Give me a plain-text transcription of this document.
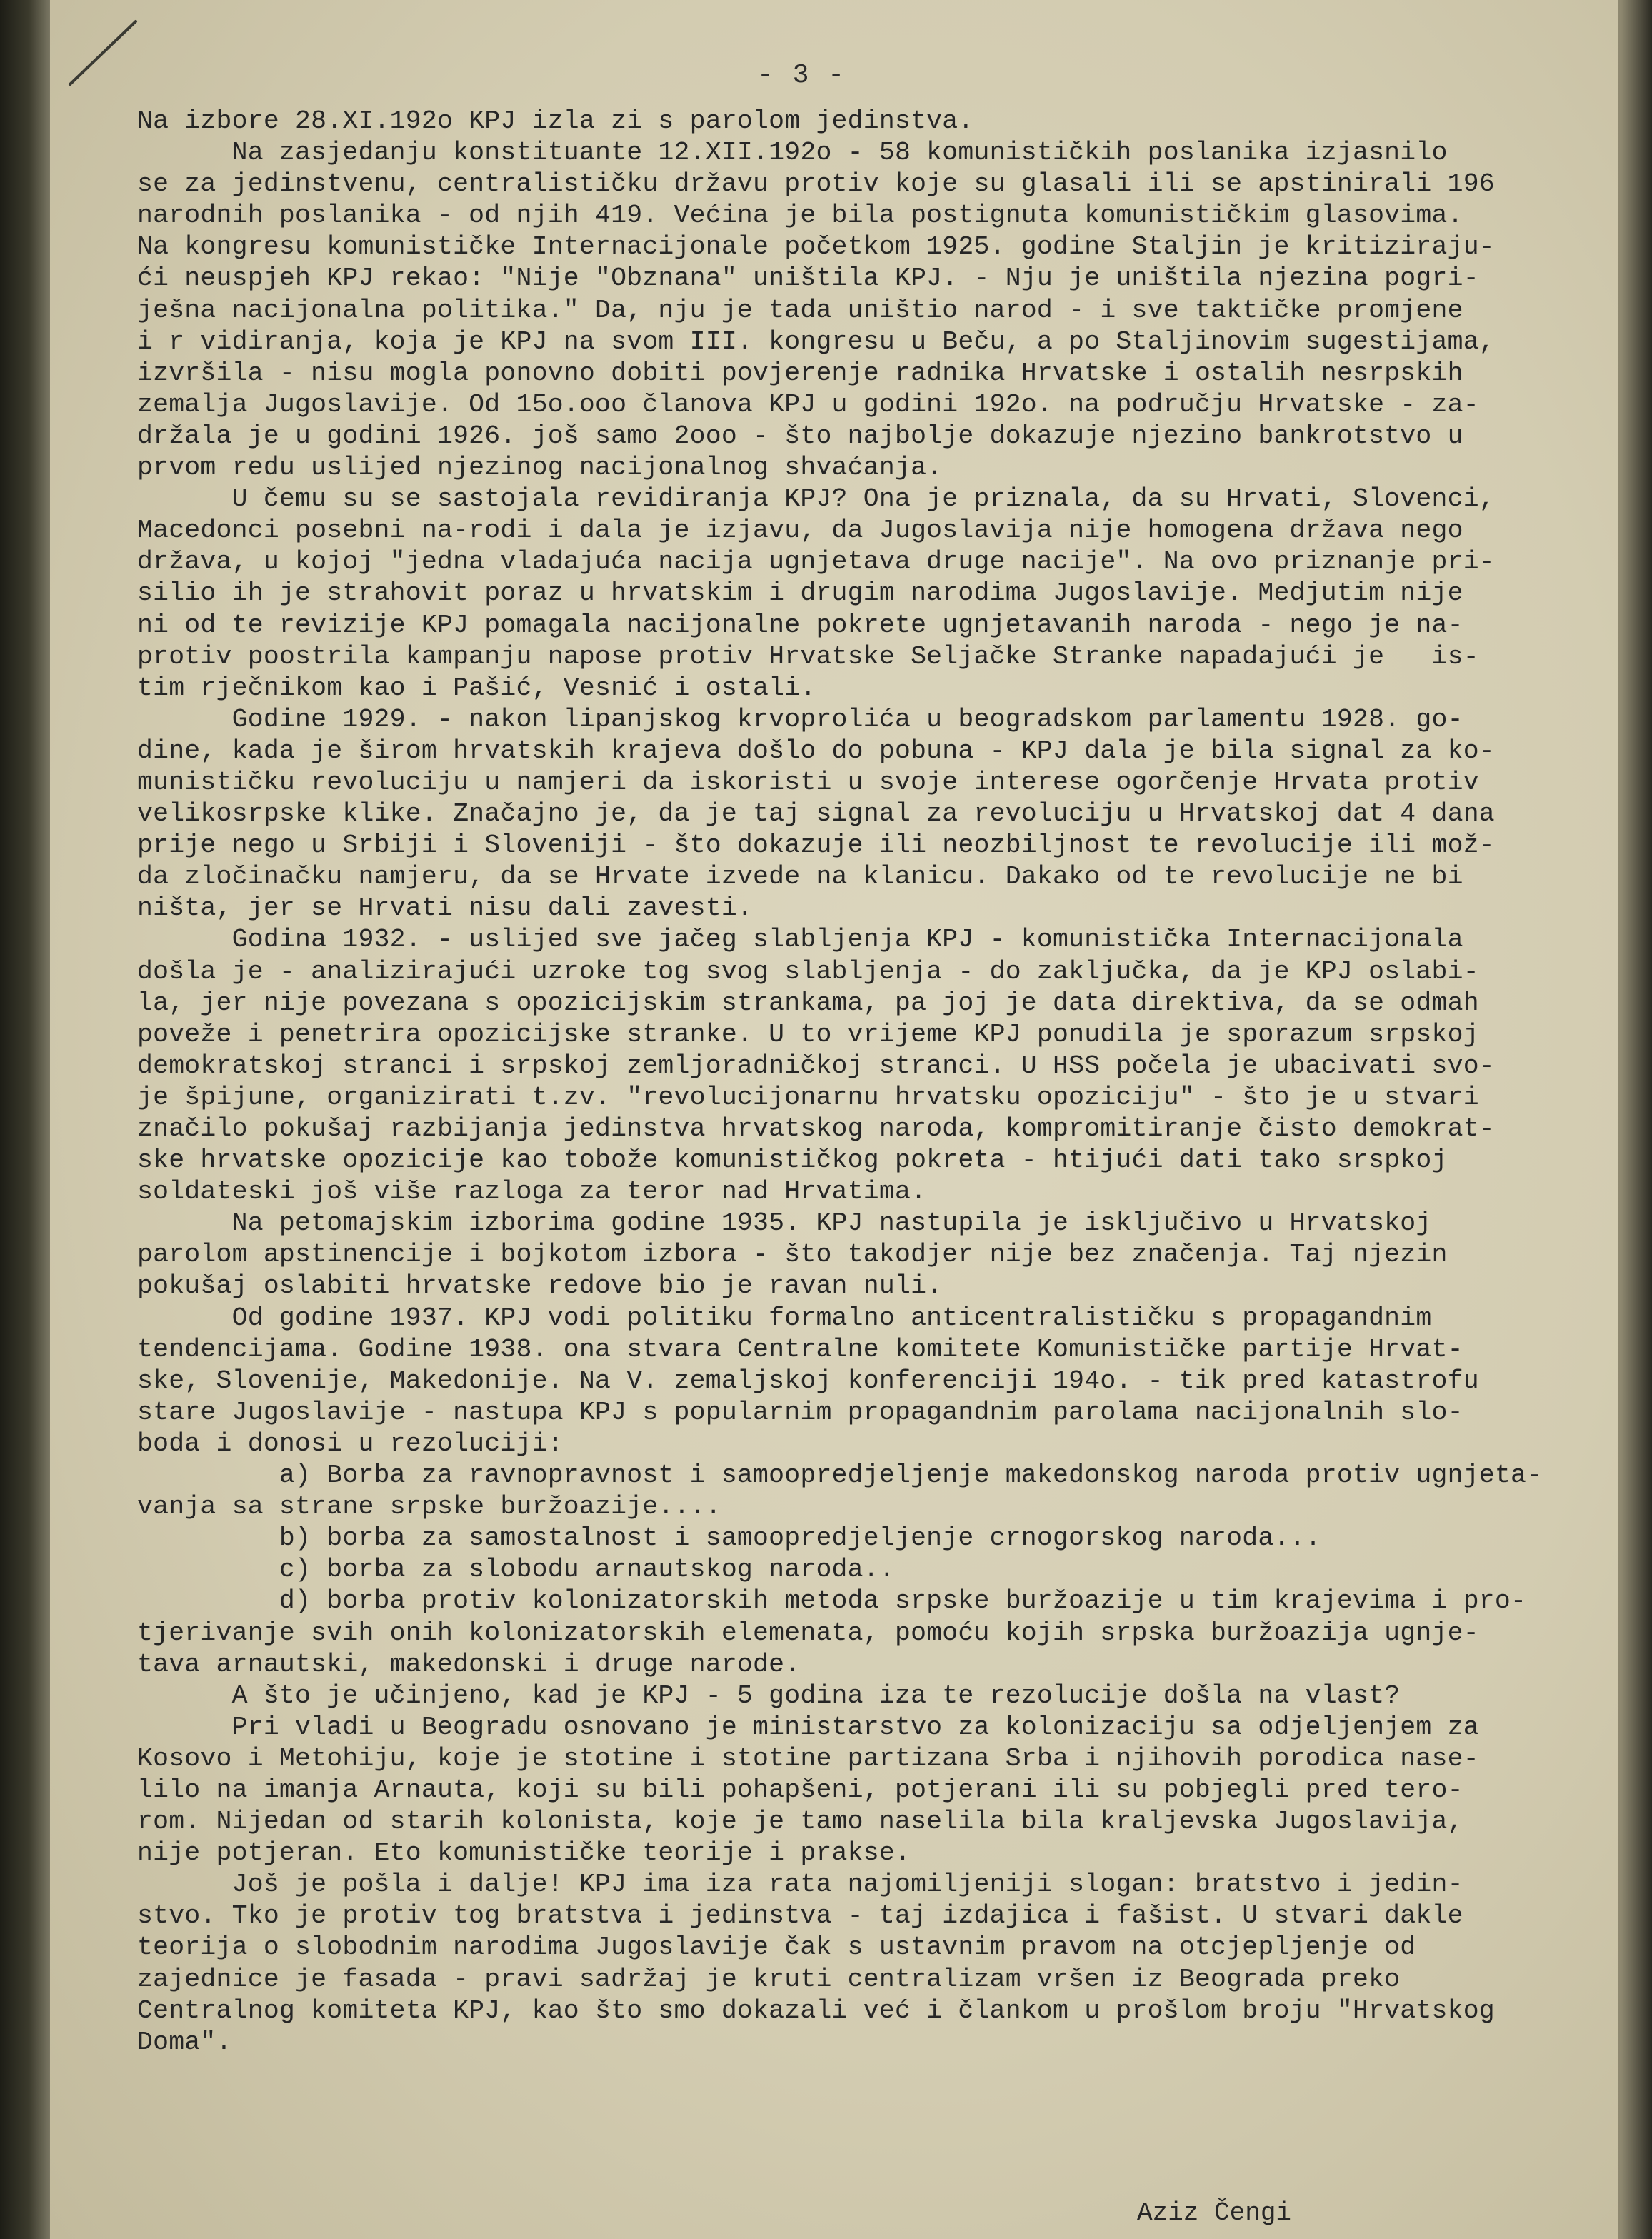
- 3 -
Na izbore 28.XI.192o KPJ izla zi s parolom jedinstva.
Na zasjedanju konstituante 12.XII.192o - 58 komunističkih poslanika izjasnilo
se za jedinstvenu, centralističku državu protiv koje su glasali ili se apstinirali 196
narodnih poslanika - od njih 419. Većina je bila postignuta komunističkim glasovima.
Na kongresu komunističke Internacijonale početkom 1925. godine Staljin je kritiziraju-
ći neuspjeh KPJ rekao: "Nije "Obznana" uništila KPJ. - Nju je uništila njezina pogri-
ješna nacijonalna politika." Da, nju je tada uništio narod - i sve taktičke promjene
i r vidiranja, koja je KPJ na svom III. kongresu u Beču, a po Staljinovim sugestijama,
izvršila - nisu mogla ponovno dobiti povjerenje radnika Hrvatske i ostalih nesrpskih
zemalja Jugoslavije. Od 15o.ooo članova KPJ u godini 192o. na području Hrvatske - za-
držala je u godini 1926. još samo 2ooo - što najbolje dokazuje njezino bankrotstvo u
prvom redu uslijed njezinog nacijonalnog shvaćanja.
U čemu su se sastojala revidiranja KPJ? Ona je priznala, da su Hrvati, Slovenci,
Macedonci posebni na-rodi i dala je izjavu, da Jugoslavija nije homogena država nego
država, u kojoj "jedna vladajuća nacija ugnjetava druge nacije". Na ovo priznanje pri-
silio ih je strahovit poraz u hrvatskim i drugim narodima Jugoslavije. Medjutim nije
ni od te revizije KPJ pomagala nacijonalne pokrete ugnjetavanih naroda - nego je na-
protiv poostrila kampanju napose protiv Hrvatske Seljačke Stranke napadajući je   is-
tim rječnikom kao i Pašić, Vesnić i ostali.
Godine 1929. - nakon lipanjskog krvoprolića u beogradskom parlamentu 1928. go-
dine, kada je širom hrvatskih krajeva došlo do pobuna - KPJ dala je bila signal za ko-
munističku revoluciju u namjeri da iskoristi u svoje interese ogorčenje Hrvata protiv
velikosrpske klike. Značajno je, da je taj signal za revoluciju u Hrvatskoj dat 4 dana
prije nego u Srbiji i Sloveniji - što dokazuje ili neozbiljnost te revolucije ili mož-
da zločinačku namjeru, da se Hrvate izvede na klanicu. Dakako od te revolucije ne bi
ništa, jer se Hrvati nisu dali zavesti.
Godina 1932. - uslijed sve jačeg slabljenja KPJ - komunistička Internacijonala
došla je - analizirajući uzroke tog svog slabljenja - do zaključka, da je KPJ oslabi-
la, jer nije povezana s opozicijskim strankama, pa joj je data direktiva, da se odmah
poveže i penetrira opozicijske stranke. U to vrijeme KPJ ponudila je sporazum srpskoj
demokratskoj stranci i srpskoj zemljoradničkoj stranci. U HSS počela je ubacivati svo-
je špijune, organizirati t.zv. "revolucijonarnu hrvatsku opoziciju" - što je u stvari
značilo pokušaj razbijanja jedinstva hrvatskog naroda, kompromitiranje čisto demokrat-
ske hrvatske opozicije kao tobože komunističkog pokreta - htijući dati tako srspkoj
soldateski još više razloga za teror nad Hrvatima.
Na petomajskim izborima godine 1935. KPJ nastupila je isključivo u Hrvatskoj
parolom apstinencije i bojkotom izbora - što takodjer nije bez značenja. Taj njezin
pokušaj oslabiti hrvatske redove bio je ravan nuli.
Od godine 1937. KPJ vodi politiku formalno anticentralističku s propagandnim
tendencijama. Godine 1938. ona stvara Centralne komitete Komunističke partije Hrvat-
ske, Slovenije, Makedonije. Na V. zemaljskoj konferenciji 194o. - tik pred katastrofu
stare Jugoslavije - nastupa KPJ s popularnim propagandnim parolama nacijonalnih slo-
boda i donosi u rezoluciji:
a) Borba za ravnopravnost i samoopredjeljenje makedonskog naroda protiv ugnjeta-
vanja sa strane srpske buržoazije....
b) borba za samostalnost i samoopredjeljenje crnogorskog naroda...
c) borba za slobodu arnautskog naroda..
d) borba protiv kolonizatorskih metoda srpske buržoazije u tim krajevima i pro-
tjerivanje svih onih kolonizatorskih elemenata, pomoću kojih srpska buržoazija ugnje-
tava arnautski, makedonski i druge narode.
A što je učinjeno, kad je KPJ - 5 godina iza te rezolucije došla na vlast?
Pri vladi u Beogradu osnovano je ministarstvo za kolonizaciju sa odjeljenjem za
Kosovo i Metohiju, koje je stotine i stotine partizana Srba i njihovih porodica nase-
lilo na imanja Arnauta, koji su bili pohapšeni, potjerani ili su pobjegli pred tero-
rom. Nijedan od starih kolonista, koje je tamo naselila bila kraljevska Jugoslavija,
nije potjeran. Eto komunističke teorije i prakse.
Još je pošla i dalje! KPJ ima iza rata najomiljeniji slogan: bratstvo i jedin-
stvo. Tko je protiv tog bratstva i jedinstva - taj izdajica i fašist. U stvari dakle
teorija o slobodnim narodima Jugoslavije čak s ustavnim pravom na otcjepljenje od
zajednice je fasada - pravi sadržaj je kruti centralizam vršen iz Beograda preko
Centralnog komiteta KPJ, kao što smo dokazali već i člankom u prošlom broju "Hrvatskog
Doma".
Aziz Čengi
